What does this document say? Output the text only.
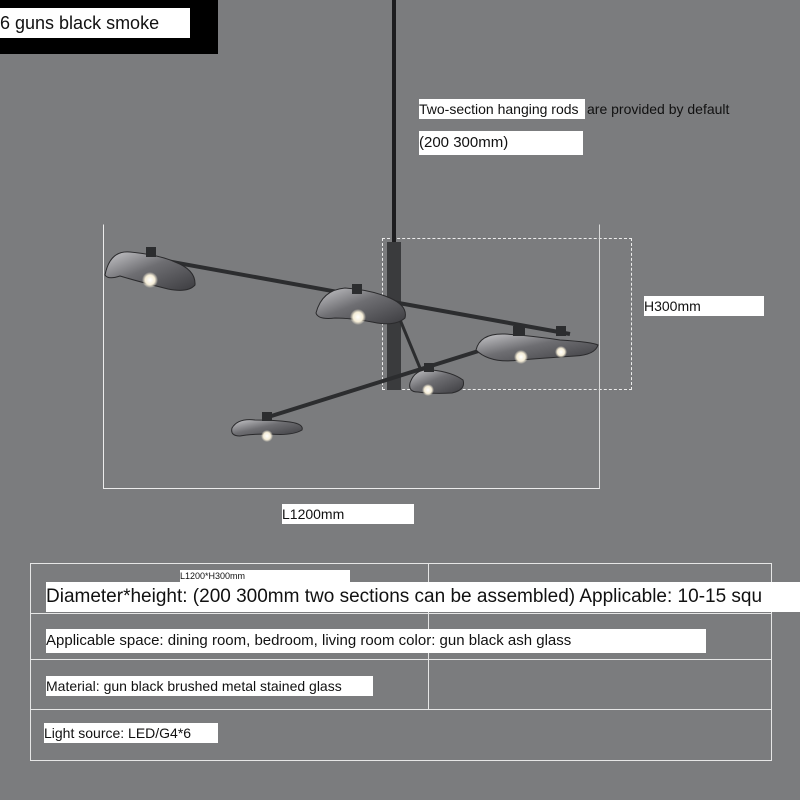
6 guns black smoke
Two-section hanging rods are provided by default
(200 300mm)
H300mm
L1200mm
L1200*H300mm
Diameter*height: (200 300mm two sections can be assembled) Applicable: 10-15 squ
Applicable space: dining room, bedroom, living room color: gun black ash glass
Material: gun black brushed metal stained glass
Light source: LED/G4*6
